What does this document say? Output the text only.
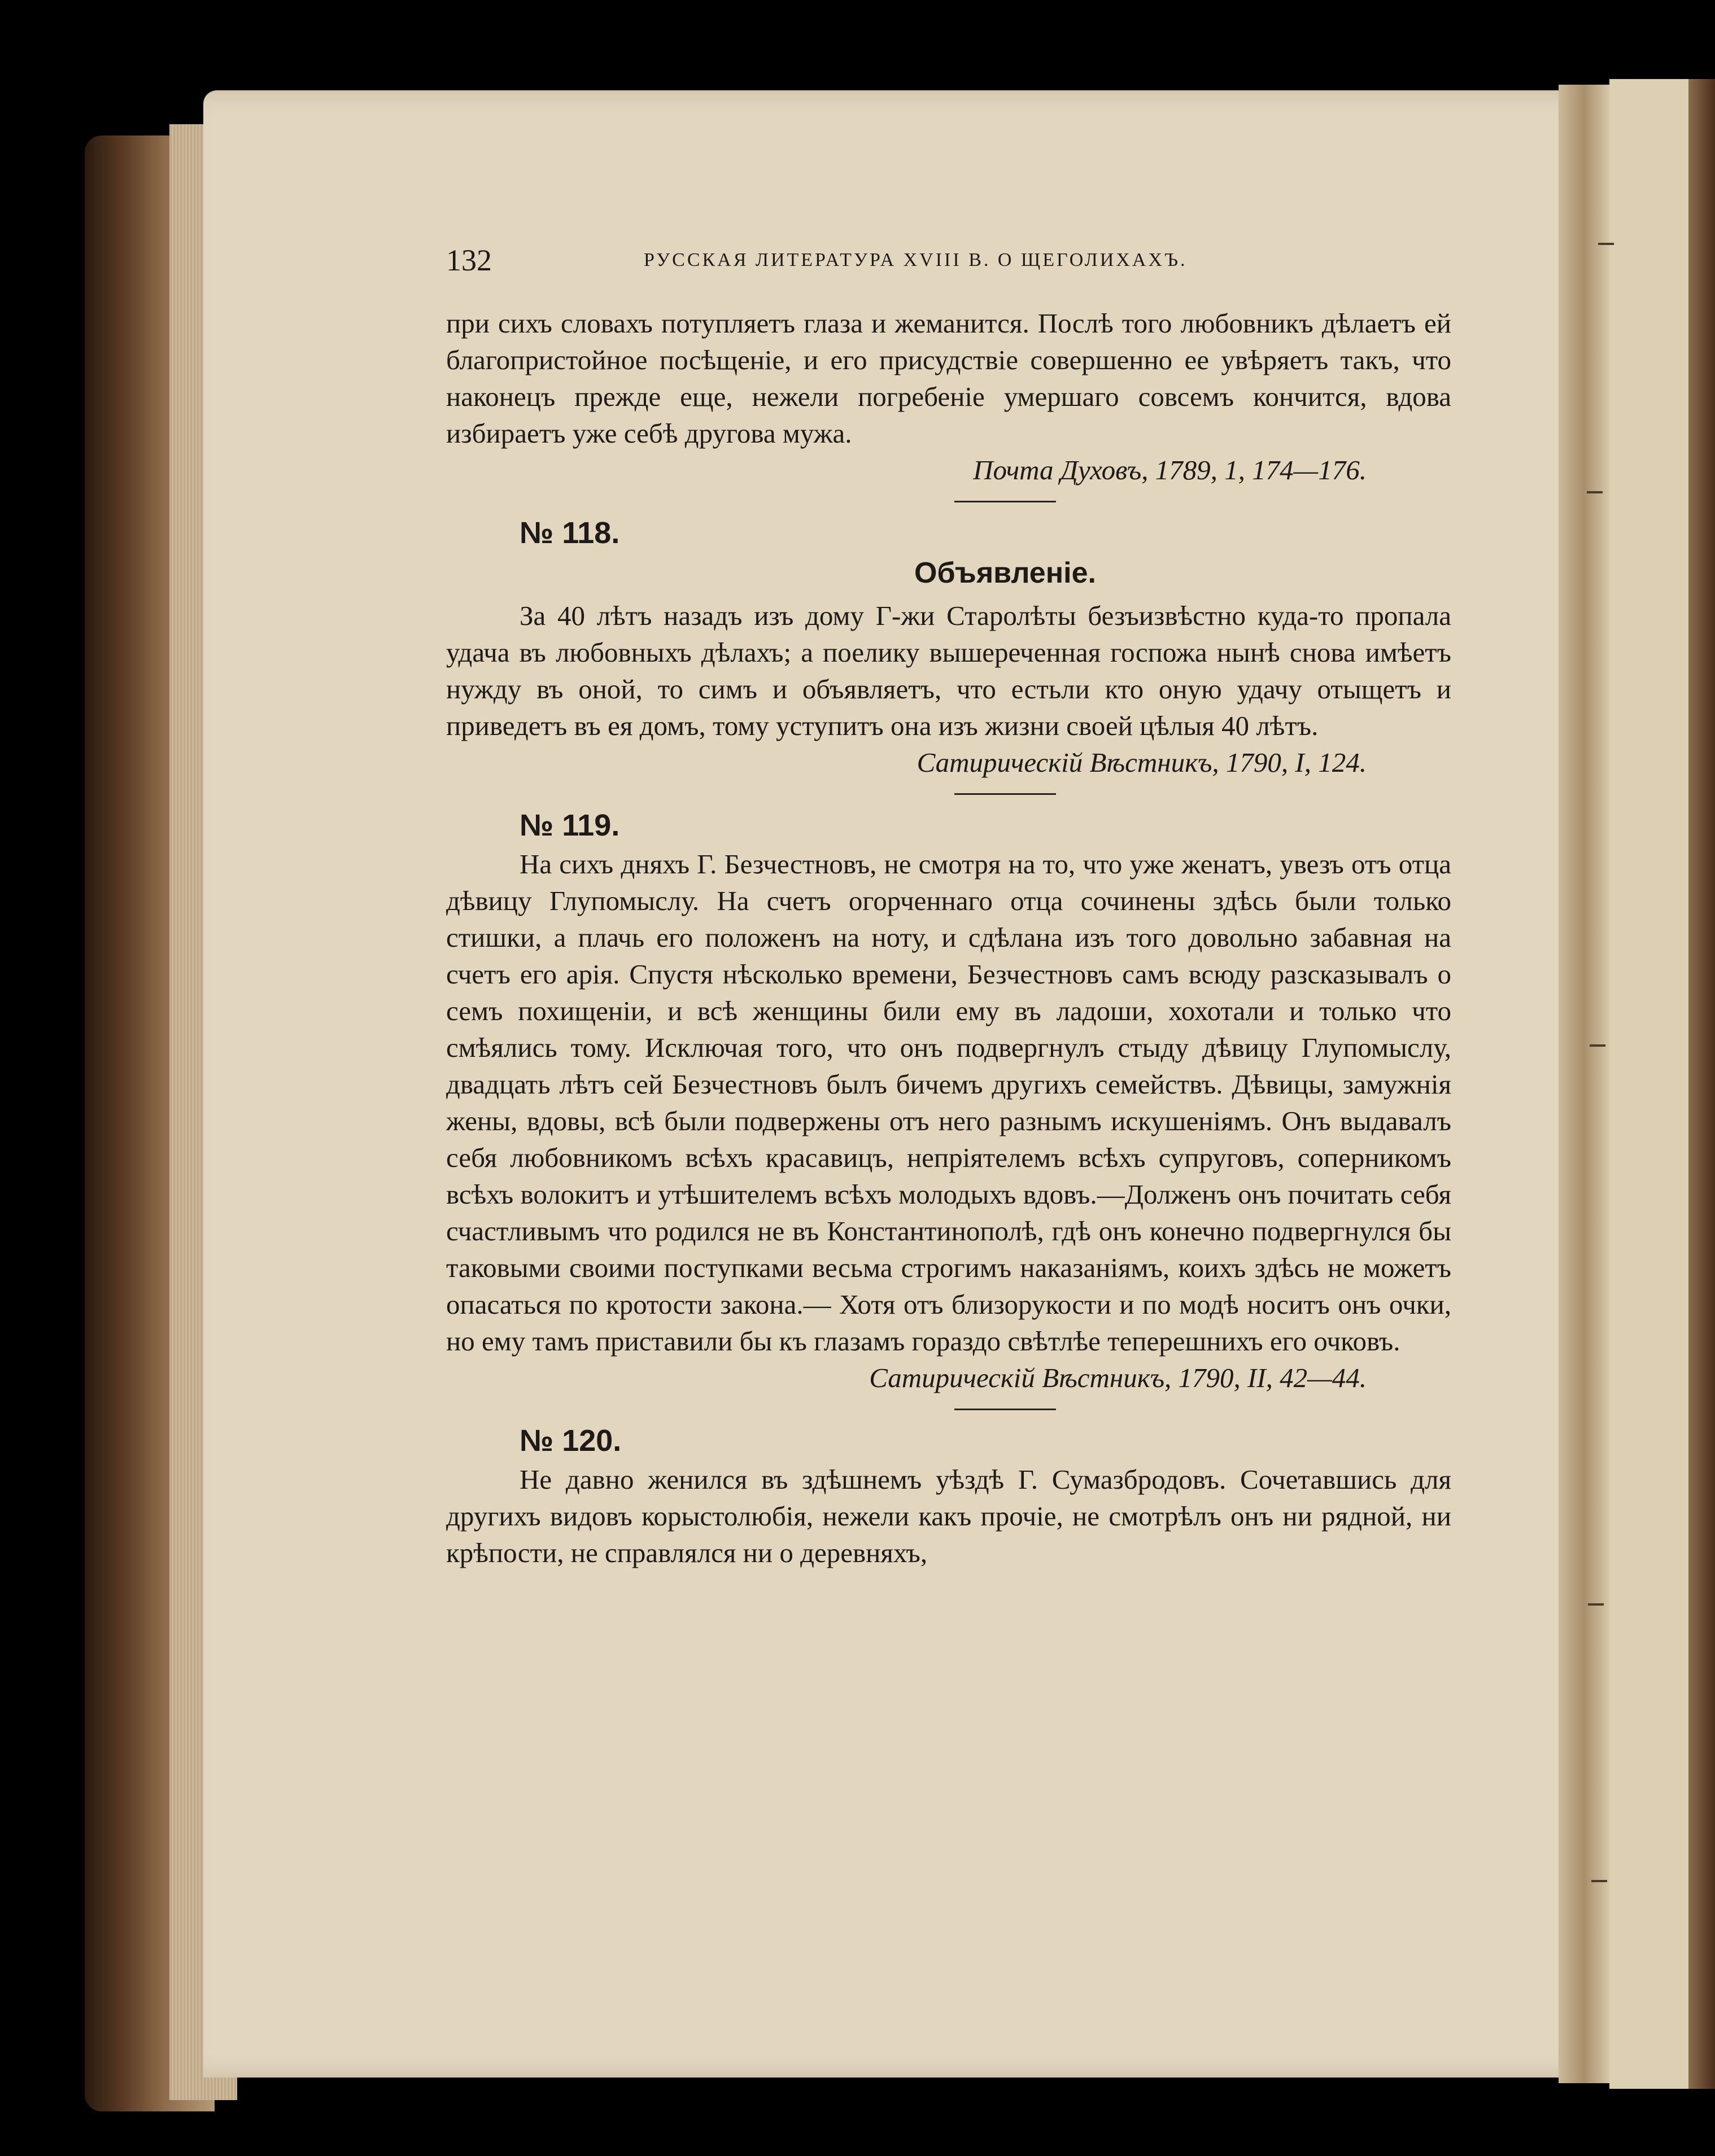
132	РУССКАЯ ЛИТЕРАТУРА XVIII В. О ЩЕГОЛИХАХЪ.

при сихъ словахъ потупляетъ глаза и жеманится. Послѣ того любовникъ дѣлаетъ ей благопристойное посѣщенiе, и его присудствiе совершенно ее увѣряетъ такъ, что наконецъ прежде еще, нежели погребенiе умершаго совсемъ кончится, вдова избираетъ уже себѣ другова мужа.

Почта Духовъ, 1789, 1, 174—176.
№ 118.
Объявленiе.

За 40 лѣтъ назадъ изъ дому Г-жи Старолѣты безъизвѣстно куда-то пропала удача въ любовныхъ дѣлахъ; а поелику вышереченная госпожа нынѣ снова имѣетъ нужду въ оной, то симъ и объявляетъ, что естьли кто оную удачу отыщетъ и приведетъ въ ея домъ, тому уступитъ она изъ жизни своей цѣлыя 40 лѣтъ.

Сатирическiй Вѣстникъ, 1790, I, 124.
№ 119.

На сихъ дняхъ Г. Безчестновъ, не смотря на то, что уже женатъ, увезъ отъ отца дѣвицу Глупомыслу. На счетъ огорченнаго отца сочинены здѣсь были только стишки, а плачь его положенъ на ноту, и сдѣлана изъ того довольно забавная на счетъ его арiя. Спустя нѣсколько времени, Безчестновъ самъ всюду разсказывалъ о семъ похищенiи, и всѣ женщины били ему въ ладоши, хохотали и только что смѣялись тому. Исключая того, что онъ подвергнулъ стыду дѣвицу Глупомыслу, двадцать лѣтъ сей Безчестновъ былъ бичемъ другихъ семействъ. Дѣвицы, замужнiя жены, вдовы, всѣ были подвержены отъ него разнымъ искушенiямъ. Онъ выдавалъ себя любовникомъ всѣхъ красавицъ, непрiятелемъ всѣхъ супруговъ, соперникомъ всѣхъ волокитъ и утѣшителемъ всѣхъ молодыхъ вдовъ.—Долженъ онъ почитать себя счастливымъ что родился не въ Константинополѣ, гдѣ онъ конечно подвергнулся бы таковыми своими поступками весьма строгимъ наказанiямъ, коихъ здѣсь не можетъ опасаться по кротости закона.— Хотя отъ близорукости и по модѣ носитъ онъ очки, но ему тамъ приставили бы къ глазамъ гораздо свѣтлѣе теперешнихъ его очковъ.

Сатирическiй Вѣстникъ, 1790, II, 42—44.
№ 120.

Не давно женился въ здѣшнемъ уѣздѣ Г. Сумазбродовъ. Сочетавшись для другихъ видовъ корыстолюбiя, нежели какъ прочiе, не смотрѣлъ онъ ни рядной, ни крѣпости, не справлялся ни о деревняхъ,
